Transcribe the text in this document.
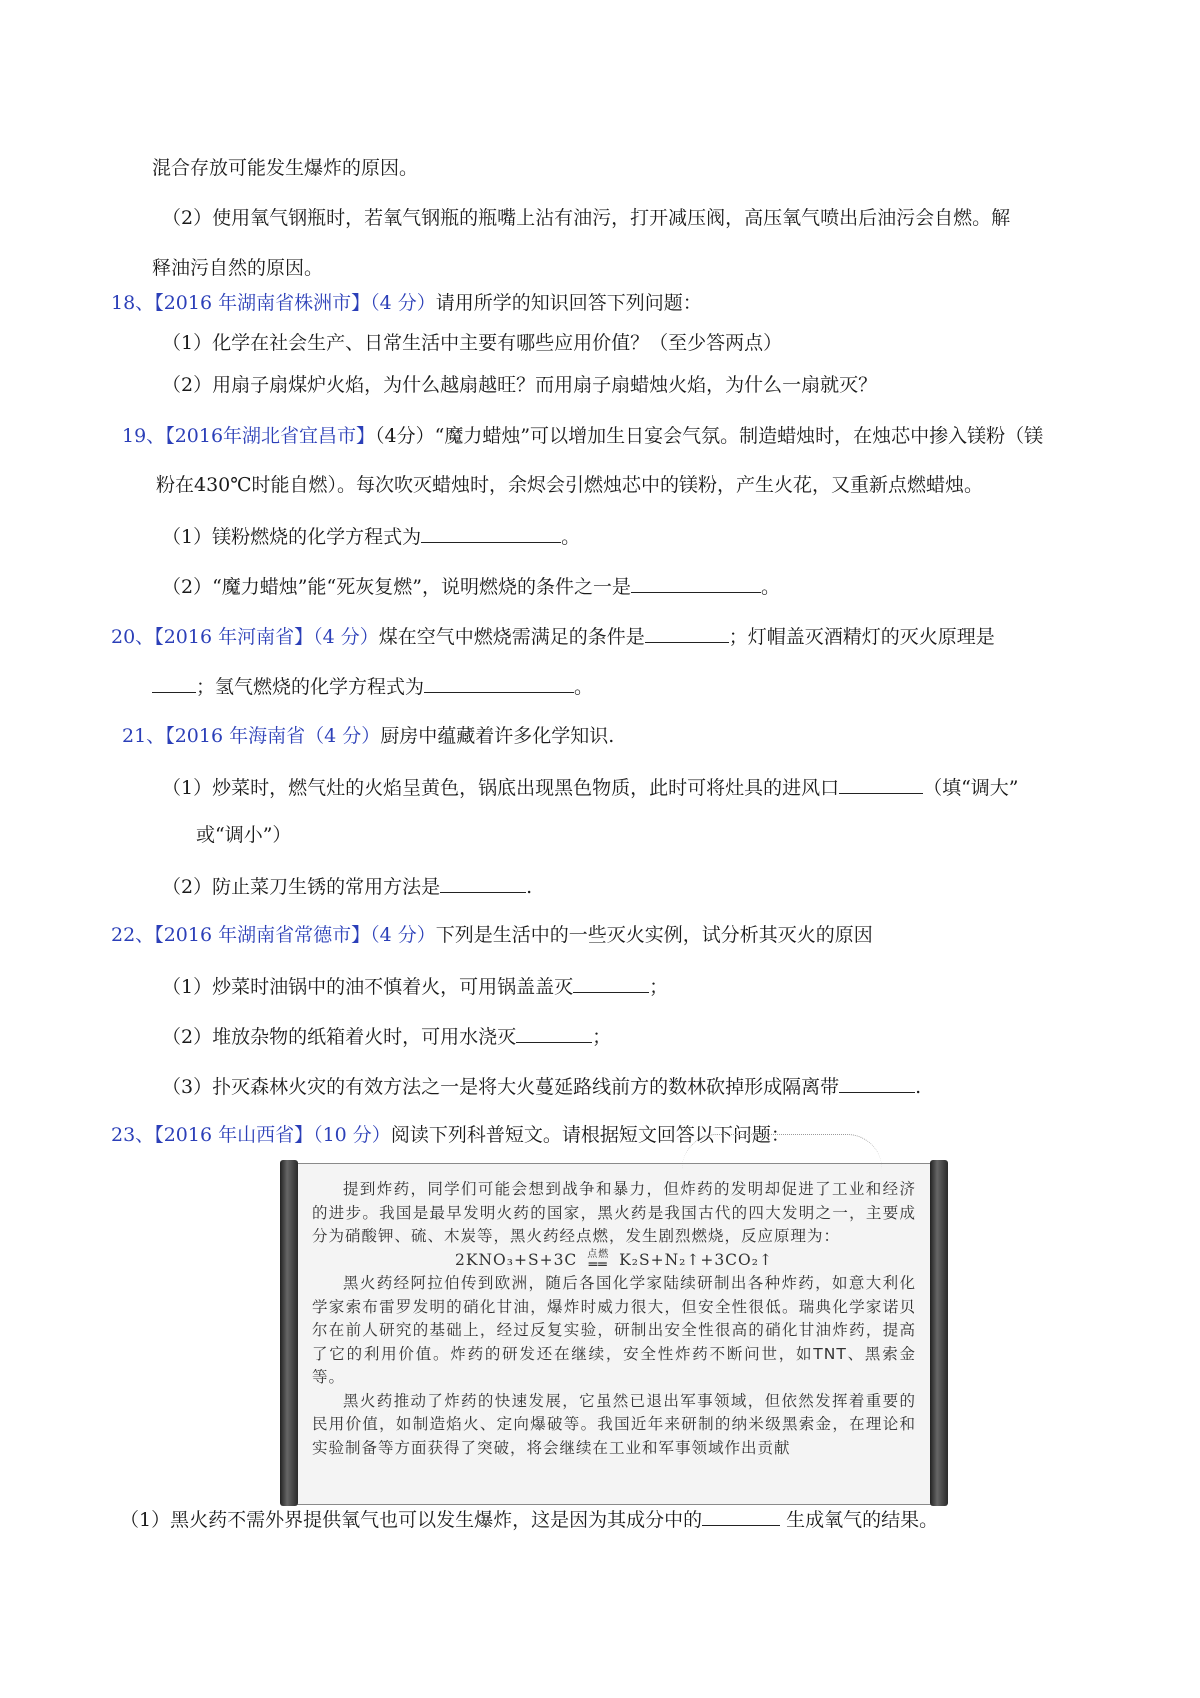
混合存放可能发生爆炸的原因。
（2）使用氧气钢瓶时，若氧气钢瓶的瓶嘴上沾有油污，打开减压阀，高压氧气喷出后油污会自燃。解
释油污自然的原因。
18、【2016 年湖南省株洲市】（4 分）请用所学的知识回答下列问题：
（1）化学在社会生产、日常生活中主要有哪些应用价值？（至少答两点）
（2）用扇子扇煤炉火焰，为什么越扇越旺？而用扇子扇蜡烛火焰，为什么一扇就灭？
19、【2016年湖北省宜昌市】（4分）“魔力蜡烛”可以增加生日宴会气氛。制造蜡烛时，在烛芯中掺入镁粉（镁
粉在430℃时能自燃）。每次吹灭蜡烛时，余烬会引燃烛芯中的镁粉，产生火花，又重新点燃蜡烛。
（1）镁粉燃烧的化学方程式为	。
（2）“魔力蜡烛”能“死灰复燃”，说明燃烧的条件之一是	。
20、【2016 年河南省】（4 分）煤在空气中燃烧需满足的条件是	；灯帽盖灭酒精灯的灭火原理是
；氢气燃烧的化学方程式为	。
21、【2016 年海南省（4 分）厨房中蕴藏着许多化学知识.
（1）炒菜时，燃气灶的火焰呈黄色，锅底出现黑色物质，此时可将灶具的进风口	（填“调大”
或“调小”）
（2）防止菜刀生锈的常用方法是	.
22、【2016 年湖南省常德市】（4 分）下列是生活中的一些灭火实例，试分析其灭火的原因
（1）炒菜时油锅中的油不慎着火，可用锅盖盖灭	；
（2）堆放杂物的纸箱着火时，可用水浇灭	；
（3）扑灭森林火灾的有效方法之一是将大火蔓延路线前方的数林砍掉形成隔离带	.
23、【2016 年山西省】（10 分）阅读下列科普短文。请根据短文回答以下问题：

提到炸药，同学们可能会想到战争和暴力，但炸药的发明却促进了工业和经济的进步。我国是最早发明火药的国家，黑火药是我国古代的四大发明之一，主要成分为硝酸钾、硫、木炭等，黑火药经点燃，发生剧烈燃烧，反应原理为：

2KNO₃+S+3C 点燃
══ K₂S+N₂↑+3CO₂↑

黑火药经阿拉伯传到欧洲，随后各国化学家陆续研制出各种炸药，如意大利化学家索布雷罗发明的硝化甘油，爆炸时威力很大，但安全性很低。瑞典化学家诺贝尔在前人研究的基础上，经过反复实验，研制出安全性很高的硝化甘油炸药，提高了它的利用价值。炸药的研发还在继续，安全性炸药不断问世，如TNT、黑索金等。

黑火药推动了炸药的快速发展，它虽然已退出军事领域，但依然发挥着重要的民用价值，如制造焰火、定向爆破等。我国近年来研制的纳米级黑索金，在理论和实验制备等方面获得了突破，将会继续在工业和军事领域作出贡献

（1）黑火药不需外界提供氧气也可以发生爆炸，这是因为其成分中的	生成氧气的结果。
